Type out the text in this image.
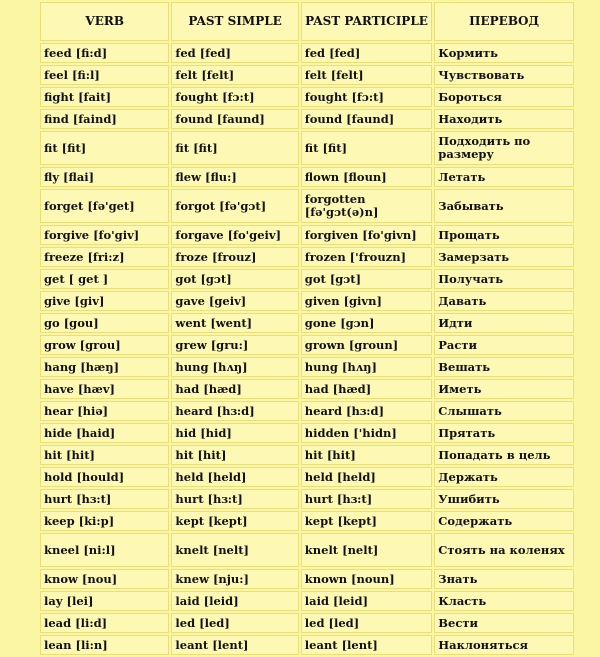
VERB	PAST SIMPLE	PAST PARTICIPLE	ПЕРЕВОД
feed [fi:d]	fed [fed]	fed [fed]	Кормить
feel [fi:l]	felt [felt]	felt [felt]	Чувствовать
fight [fait]	fought [fɔ:t]	fought [fɔ:t]	Бороться
find [faind]	found [faund]	found [faund]	Находить
fit [fit]	fit [fit]	fit [fit]	Подходить по размеру
fly [flai]	flew [flu:]	flown [floun]	Летать
forget [fə'get]	forgot [fə'gɔt]	forgotten [fə'gɔt(ə)n]	Забывать
forgive [fo'giv]	forgave [fo'geiv]	forgiven [fo'givn]	Прощать
freeze [fri:z]	froze [frouz]	frozen ['frouzn]	Замерзать
get [ get ]	got [gɔt]	got [gɔt]	Получать
give [giv]	gave [geiv]	given [givn]	Давать
go [gou]	went [went]	gone [gɔn]	Идти
grow [grou]	grew [gru:]	grown [groun]	Расти
hang [hæŋ]	hung [hʌŋ]	hung [hʌŋ]	Вешать
have [hæv]	had [hæd]	had [hæd]	Иметь
hear [hiə]	heard [hɜ:d]	heard [hɜ:d]	Слышать
hide [haid]	hid [hid]	hidden ['hidn]	Прятать
hit [hit]	hit [hit]	hit [hit]	Попадать в цель
hold [hould]	held [held]	held [held]	Держать
hurt [hɜ:t]	hurt [hɜ:t]	hurt [hɜ:t]	Ушибить
keep [ki:p]	kept [kept]	kept [kept]	Содержать
kneel [ni:l]	knelt [nelt]	knelt [nelt]	Стоять на коленях
know [nou]	knew [nju:]	known [noun]	Знать
lay [lei]	laid [leid]	laid [leid]	Класть
lead [li:d]	led [led]	led [led]	Вести
lean [li:n]	leant [lent]	leant [lent]	Наклоняться
